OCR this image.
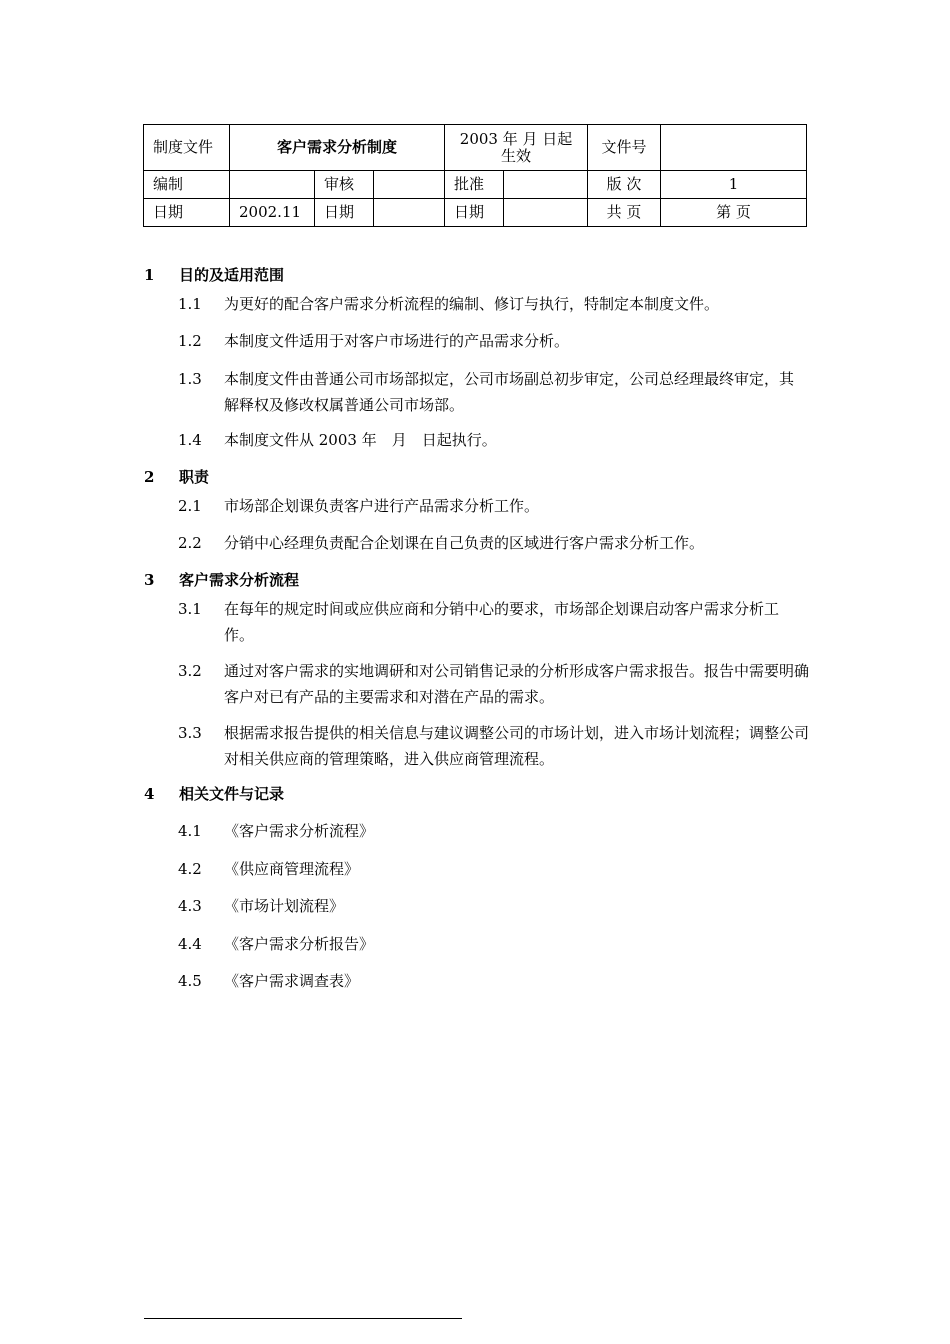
制度文件	客户需求分析制度			2003 年 月 日起生效		文件号	
编制		审核		批准		版 次	1
日期	2002.11	日期		日期		共 页	第 页
1	目的及适用范围
1.1 为更好的配合客户需求分析流程的编制、修订与执行，特制定本制度文件。
1.2 本制度文件适用于对客户市场进行的产品需求分析。
1.3 本制度文件由普通公司市场部拟定，公司市场副总初步审定，公司总经理最终审定，其解释权及修改权属普通公司市场部。
1.4 本制度文件从 2003 年　月　日起执行。
2	职责
2.1 市场部企划课负责客户进行产品需求分析工作。
2.2 分销中心经理负责配合企划课在自己负责的区域进行客户需求分析工作。
3	客户需求分析流程
3.1 在每年的规定时间或应供应商和分销中心的要求，市场部企划课启动客户需求分析工作。
3.2 通过对客户需求的实地调研和对公司销售记录的分析形成客户需求报告。报告中需要明确客户对已有产品的主要需求和对潜在产品的需求。
3.3 根据需求报告提供的相关信息与建议调整公司的市场计划，进入市场计划流程；调整公司对相关供应商的管理策略，进入供应商管理流程。
4	相关文件与记录
4.1 《客户需求分析流程》
4.2 《供应商管理流程》
4.3 《市场计划流程》
4.4 《客户需求分析报告》
4.5 《客户需求调查表》
